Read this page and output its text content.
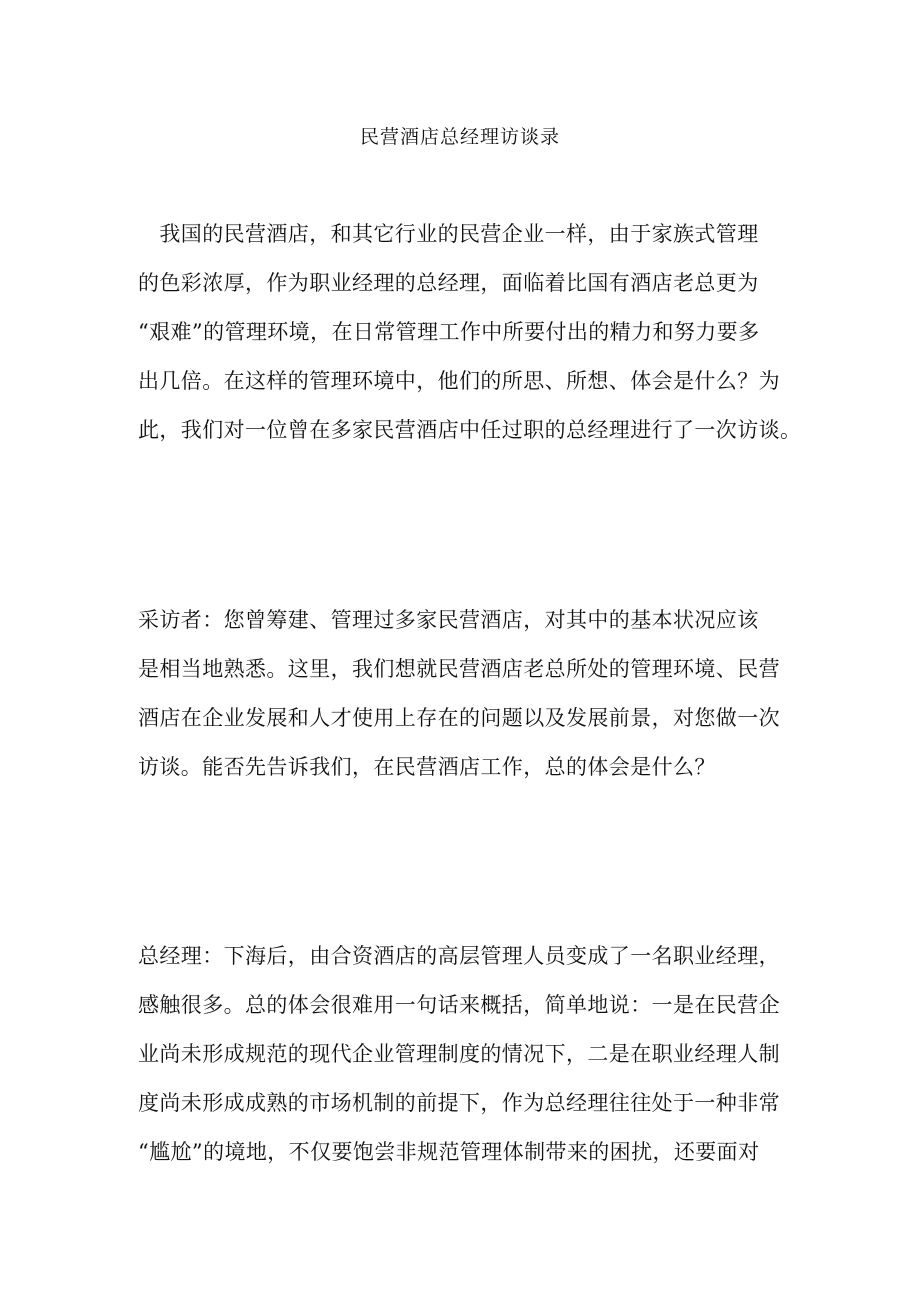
民营酒店总经理访谈录
　我国的民营酒店，和其它行业的民营企业一样，由于家族式管理
的色彩浓厚，作为职业经理的总经理，面临着比国有酒店老总更为
“艰难”的管理环境，在日常管理工作中所要付出的精力和努力要多
出几倍。在这样的管理环境中，他们的所思、所想、体会是什么？为
此，我们对一位曾在多家民营酒店中任过职的总经理进行了一次访谈。
采访者：您曾筹建、管理过多家民营酒店，对其中的基本状况应该
是相当地熟悉。这里，我们想就民营酒店老总所处的管理环境、民营
酒店在企业发展和人才使用上存在的问题以及发展前景，对您做一次
访谈。能否先告诉我们，在民营酒店工作，总的体会是什么？
总经理：下海后，由合资酒店的高层管理人员变成了一名职业经理，
感触很多。总的体会很难用一句话来概括，简单地说：一是在民营企
业尚未形成规范的现代企业管理制度的情况下，二是在职业经理人制
度尚未形成成熟的市场机制的前提下，作为总经理往往处于一种非常
“尴尬”的境地，不仅要饱尝非规范管理体制带来的困扰，还要面对
